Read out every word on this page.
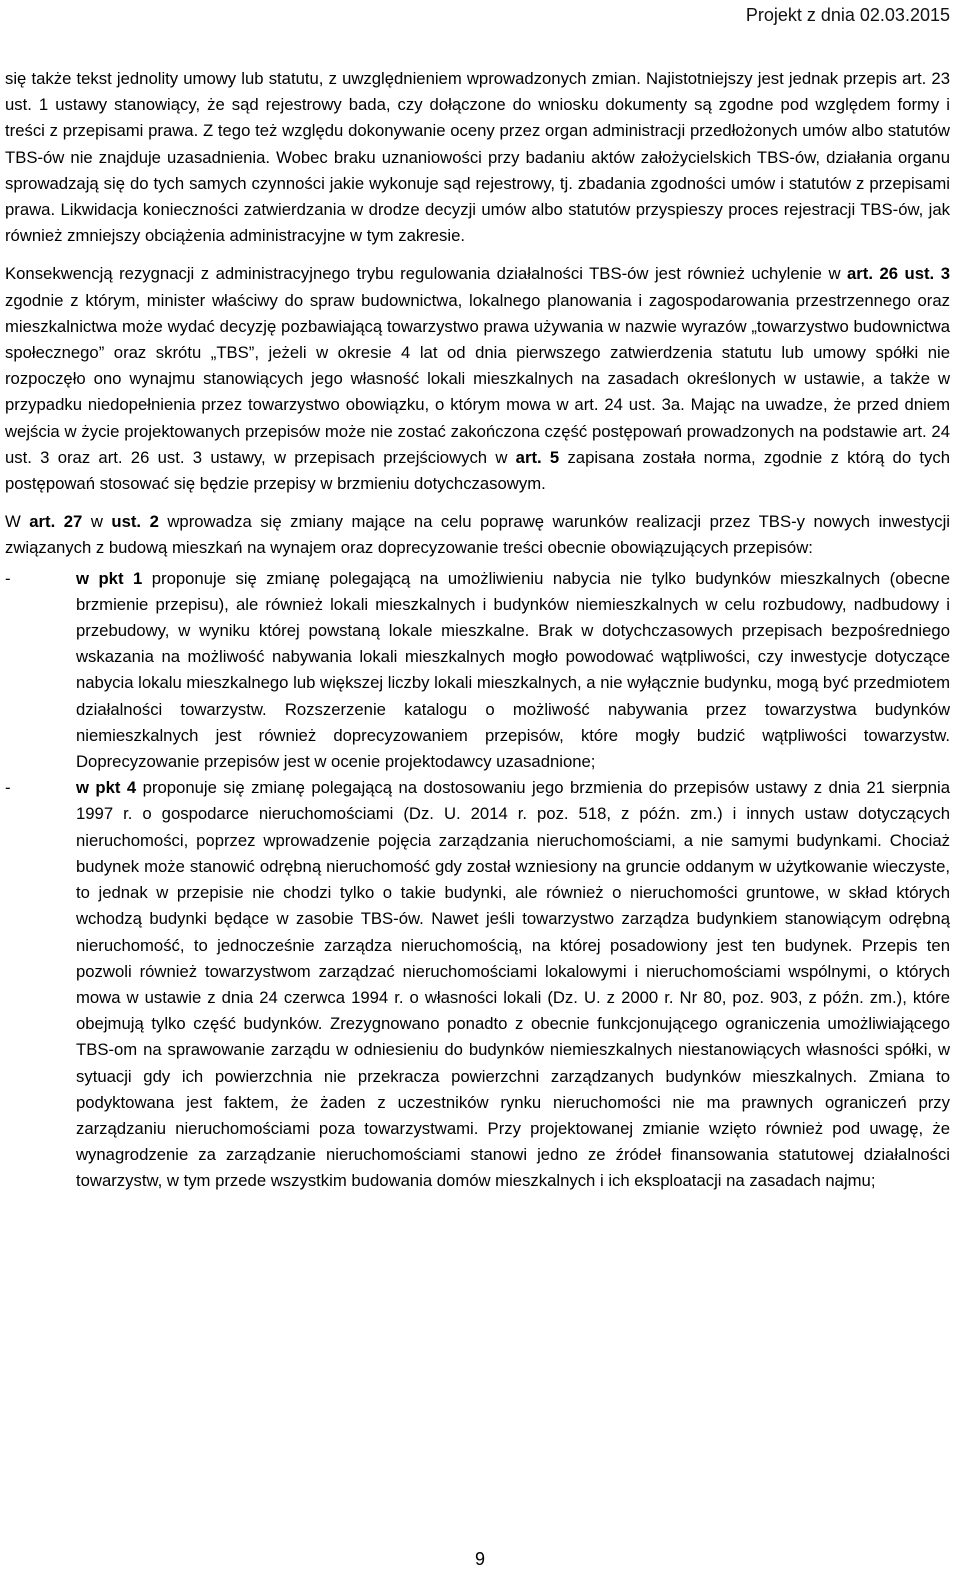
Projekt z dnia 02.03.2015

się także tekst jednolity umowy lub statutu, z uwzględnieniem wprowadzonych zmian. Najistotniejszy jest jednak przepis art. 23 ust. 1 ustawy stanowiący, że sąd rejestrowy bada, czy dołączone do wniosku dokumenty są zgodne pod względem formy i treści z przepisami prawa. Z tego też względu dokonywanie oceny przez organ administracji przedłożonych umów albo statutów TBS-ów nie znajduje uzasadnienia. Wobec braku uznaniowości przy badaniu aktów założycielskich TBS-ów, działania organu sprowadzają się do tych samych czynności jakie wykonuje sąd rejestrowy, tj. zbadania zgodności umów i statutów z przepisami prawa. Likwidacja konieczności zatwierdzania w drodze decyzji umów albo statutów przyspieszy proces rejestracji TBS-ów, jak również zmniejszy obciążenia administracyjne w tym zakresie.

Konsekwencją rezygnacji z administracyjnego trybu regulowania działalności TBS-ów jest również uchylenie w art. 26 ust. 3 zgodnie z którym, minister właściwy do spraw budownictwa, lokalnego planowania i zagospodarowania przestrzennego oraz mieszkalnictwa może wydać decyzję pozbawiającą towarzystwo prawa używania w nazwie wyrazów „towarzystwo budownictwa społecznego” oraz skrótu „TBS”, jeżeli w okresie 4 lat od dnia pierwszego zatwierdzenia statutu lub umowy spółki nie rozpoczęło ono wynajmu stanowiących jego własność lokali mieszkalnych na zasadach określonych w ustawie, a także w przypadku niedopełnienia przez towarzystwo obowiązku, o którym mowa w art. 24 ust. 3a. Mając na uwadze, że przed dniem wejścia w życie projektowanych przepisów może nie zostać zakończona część postępowań prowadzonych na podstawie art. 24 ust. 3 oraz art. 26 ust. 3 ustawy, w przepisach przejściowych w art. 5 zapisana została norma, zgodnie z którą do tych postępowań stosować się będzie przepisy w brzmieniu dotychczasowym.

W art. 27 w ust. 2 wprowadza się zmiany mające na celu poprawę warunków realizacji przez TBS-y nowych inwestycji związanych z budową mieszkań na wynajem oraz doprecyzowanie treści obecnie obowiązujących przepisów:

-	w pkt 1 proponuje się zmianę polegającą na umożliwieniu nabycia nie tylko budynków mieszkalnych (obecne brzmienie przepisu), ale również lokali mieszkalnych i budynków niemieszkalnych w celu rozbudowy, nadbudowy i przebudowy, w wyniku której powstaną lokale mieszkalne. Brak w dotychczasowych przepisach bezpośredniego wskazania na możliwość nabywania lokali mieszkalnych mogło powodować wątpliwości, czy inwestycje dotyczące nabycia lokalu mieszkalnego lub większej liczby lokali mieszkalnych, a nie wyłącznie budynku, mogą być przedmiotem działalności towarzystw. Rozszerzenie katalogu o możliwość nabywania przez towarzystwa budynków niemieszkalnych jest również doprecyzowaniem przepisów, które mogły budzić wątpliwości towarzystw. Doprecyzowanie przepisów jest w ocenie projektodawcy uzasadnione;
-	w pkt 4 proponuje się zmianę polegającą na dostosowaniu jego brzmienia do przepisów ustawy z dnia 21 sierpnia 1997 r. o gospodarce nieruchomościami (Dz. U. 2014 r. poz. 518, z późn. zm.) i innych ustaw dotyczących nieruchomości, poprzez wprowadzenie pojęcia zarządzania nieruchomościami, a nie samymi budynkami. Chociaż budynek może stanowić odrębną nieruchomość gdy został wzniesiony na gruncie oddanym w użytkowanie wieczyste, to jednak w przepisie nie chodzi tylko o takie budynki, ale również o nieruchomości gruntowe, w skład których wchodzą budynki będące w zasobie TBS-ów. Nawet jeśli towarzystwo zarządza budynkiem stanowiącym odrębną nieruchomość, to jednocześnie zarządza nieruchomością, na której posadowiony jest ten budynek. Przepis ten pozwoli również towarzystwom zarządzać nieruchomościami lokalowymi i nieruchomościami wspólnymi, o których mowa w ustawie z dnia 24 czerwca 1994 r. o własności lokali (Dz. U. z 2000 r. Nr 80, poz. 903, z późn. zm.), które obejmują tylko część budynków. Zrezygnowano ponadto z obecnie funkcjonującego ograniczenia umożliwiającego TBS-om na sprawowanie zarządu w odniesieniu do budynków niemieszkalnych niestanowiących własności spółki, w sytuacji gdy ich powierzchnia nie przekracza powierzchni zarządzanych budynków mieszkalnych. Zmiana to podyktowana jest faktem, że żaden z uczestników rynku nieruchomości nie ma prawnych ograniczeń przy zarządzaniu nieruchomościami poza towarzystwami. Przy projektowanej zmianie wzięto również pod uwagę, że wynagrodzenie za zarządzanie nieruchomościami stanowi jedno ze źródeł finansowania statutowej działalności towarzystw, w tym przede wszystkim budowania domów mieszkalnych i ich eksploatacji na zasadach najmu;
9
